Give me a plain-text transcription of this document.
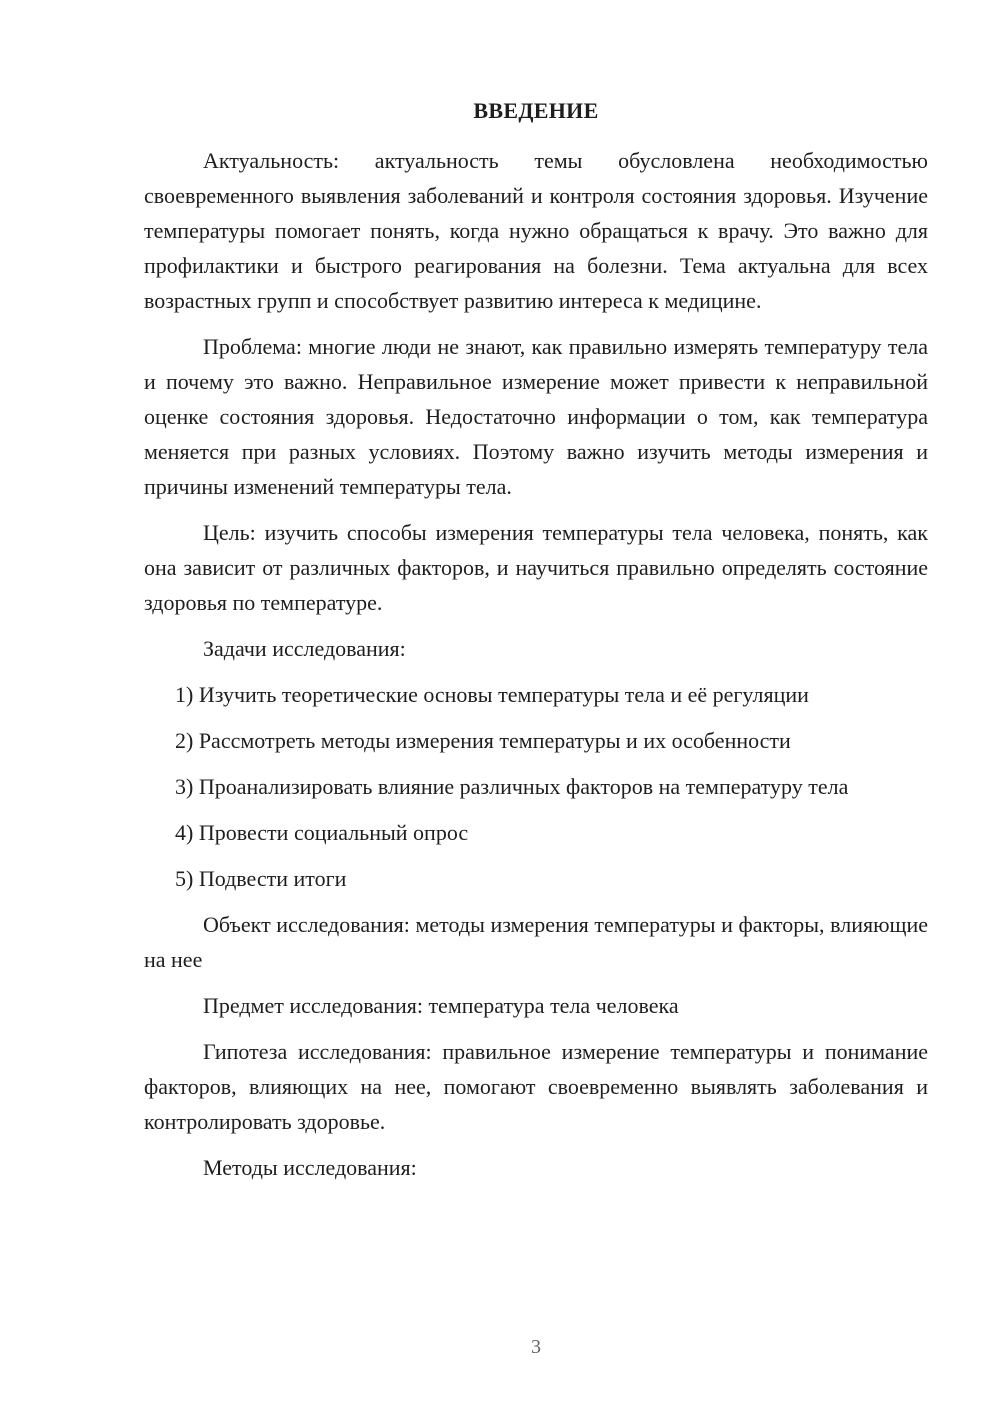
ВВЕДЕНИЕ

Актуальность: актуальность темы обусловлена необходимостью своевременного выявления заболеваний и контроля состояния здоровья. Изучение температуры помогает понять, когда нужно обращаться к врачу. Это важно для профилактики и быстрого реагирования на болезни. Тема актуальна для всех возрастных групп и способствует развитию интереса к медицине.

Проблема: многие люди не знают, как правильно измерять температуру тела и почему это важно. Неправильное измерение может привести к неправильной оценке состояния здоровья. Недостаточно информации о том, как температура меняется при разных условиях. Поэтому важно изучить методы измерения и причины изменений температуры тела.

Цель: изучить способы измерения температуры тела человека, понять, как она зависит от различных факторов, и научиться правильно определять состояние здоровья по температуре.

Задачи исследования:

1) Изучить теоретические основы температуры тела и её регуляции

2) Рассмотреть методы измерения температуры и их особенности

3) Проанализировать влияние различных факторов на температуру тела

4) Провести социальный опрос

5) Подвести итоги

Объект исследования: методы измерения температуры и факторы, влияющие на нее

Предмет исследования: температура тела человека

Гипотеза исследования: правильное измерение температуры и понимание факторов, влияющих на нее, помогают своевременно выявлять заболевания и контролировать здоровье.

Методы исследования:

3
